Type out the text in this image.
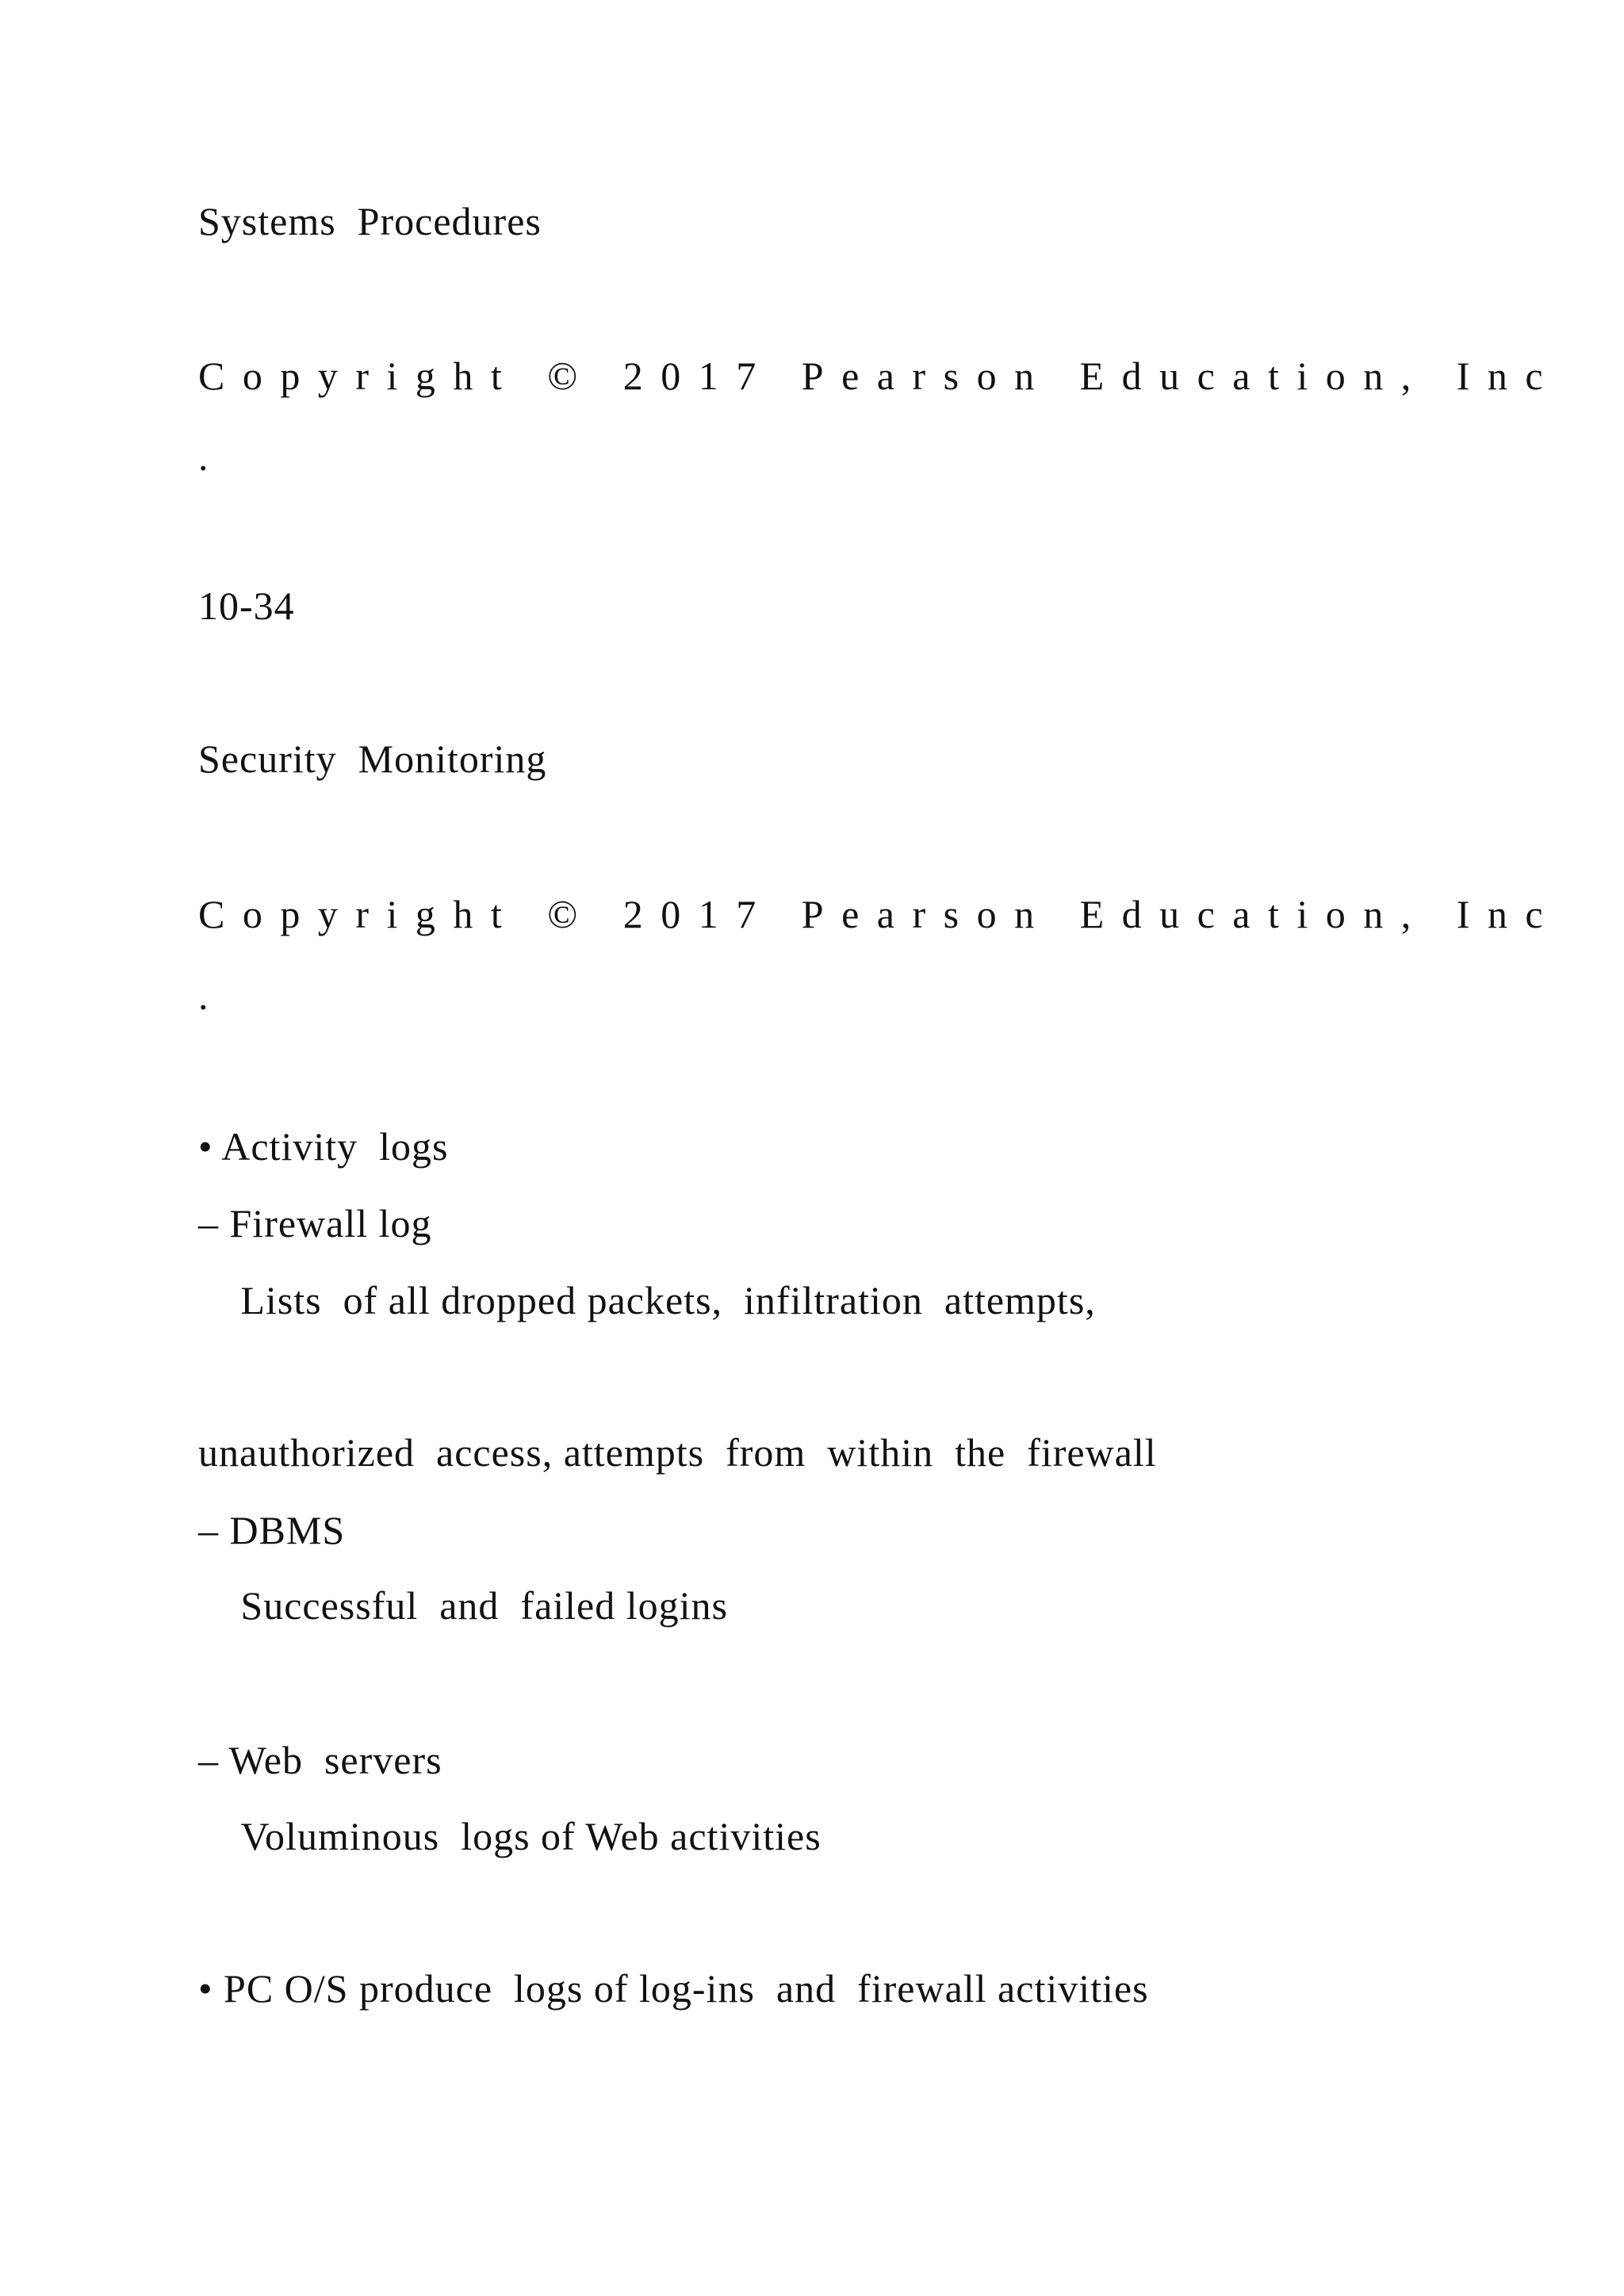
Systems  Procedures
Copyright © 2017 Pearson Education, Inc
.
10-34
Security  Monitoring
Copyright © 2017 Pearson Education, Inc
.
• Activity  logs
– Firewall log
Lists  of all dropped packets,  infiltration  attempts,
unauthorized  access, attempts  from  within  the  firewall
– DBMS
Successful  and  failed logins
– Web  servers
Voluminous  logs of Web activities
• PC O/S produce  logs of log-ins  and  firewall activities
